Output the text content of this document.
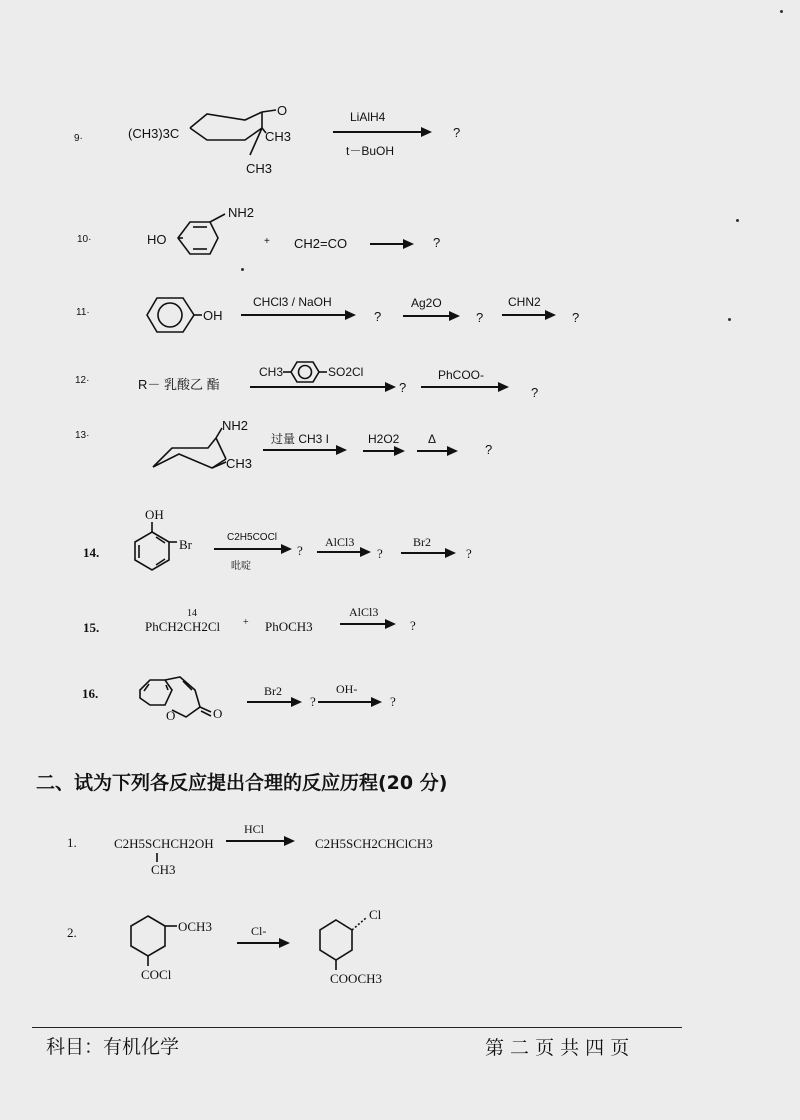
9·	(CH3)3C
O
CH3
CH3
LiAlH4
t－BuOH
?
10·	HO
NH2
+ CH2=CO	?
11·	OH
CHCl3 / NaOH
?
Ag2O
?
CHN2
?
12·	R－ 乳酸乙 酯
CH3	SO2Cl
?
PhCOO-
?
13·
NH2
CH3
过量 CH3 I	H2O2 Δ
?
14.
OH
Br	C2H5COCl
吡啶
?
AlCl3
?
Br2
?
15.
14
PhCH2CH2Cl + PhOCH3
AlCl3
?
16.
O	O
Br2
?
OH-
?
二、试为下列各反应提出合理的反应历程(20 分)
1.	C2H5SCHCH2OH
CH3
HCl
C2H5SCH2CHClCH3
2.	OCH3
COCl
Cl-
Cl
COOCH3
科目：有机化学	第 二 页 共 四 页
